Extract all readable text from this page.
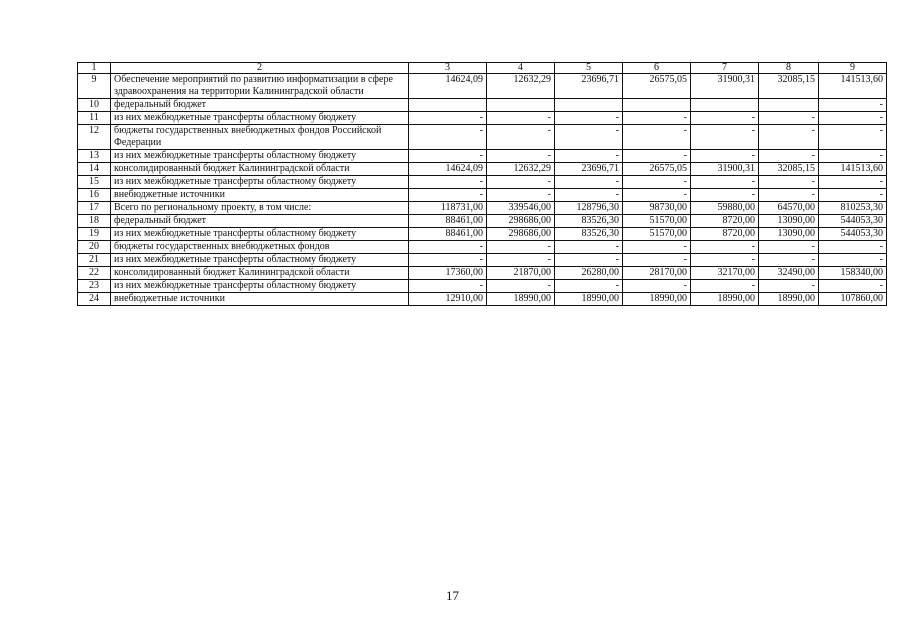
1	2	3	4	5	6	7	8	9
9	Обеспечение мероприятий по развитию информатизации в сфере здравоохранения на территории Калининградской области	14624,09	12632,29	23696,71	26575,05	31900,31	32085,15	141513,60
10	федеральный бюджет							-
11	из них межбюджетные трансферты областному бюджету	-	-	-	-	-	-	-
12	бюджеты государственных внебюджетных фондов Российской Федерации	-	-	-	-	-	-	-
13	из них межбюджетные трансферты областному бюджету	-	-	-	-	-	-	-
14	консолидированный бюджет Калининградской области	14624,09	12632,29	23696,71	26575,05	31900,31	32085,15	141513,60
15	из них межбюджетные трансферты областному бюджету	-	-	-	-	-	-	-
16	внебюджетные источники	-	-	-	-	-	-	-
17	Всего по региональному проекту, в том числе:	118731,00	339546,00	128796,30	98730,00	59880,00	64570,00	810253,30
18	федеральный бюджет	88461,00	298686,00	83526,30	51570,00	8720,00	13090,00	544053,30
19	из них межбюджетные трансферты областному бюджету	88461,00	298686,00	83526,30	51570,00	8720,00	13090,00	544053,30
20	бюджеты государственных внебюджетных фондов	-	-	-	-	-	-	-
21	из них межбюджетные трансферты областному бюджету	-	-	-	-	-	-	-
22	консолидированный бюджет Калининградской области	17360,00	21870,00	26280,00	28170,00	32170,00	32490,00	158340,00
23	из них межбюджетные трансферты областному бюджету	-	-	-	-	-	-	-
24	внебюджетные источники	12910,00	18990,00	18990,00	18990,00	18990,00	18990,00	107860,00
17
